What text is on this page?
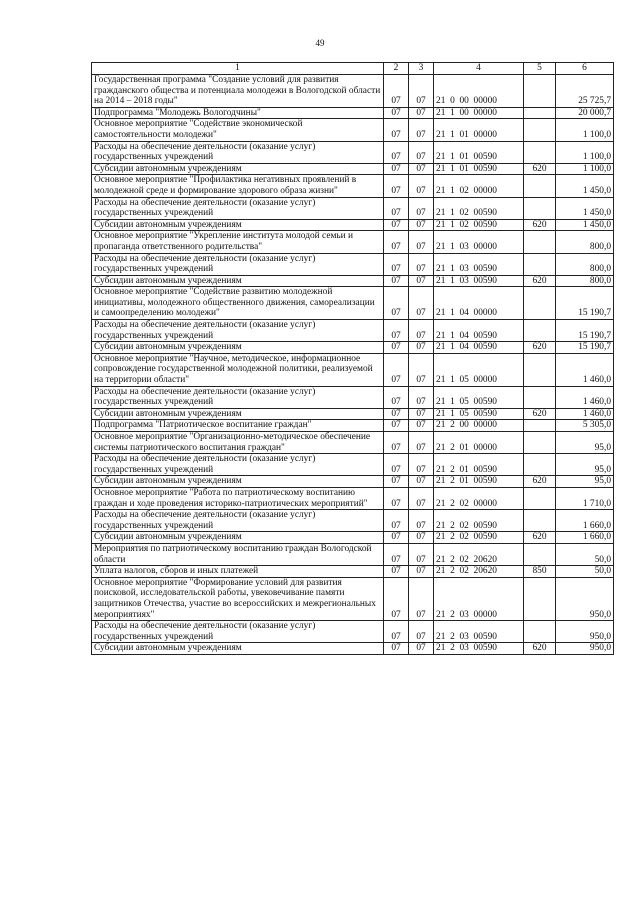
49
1	2	3	4	5	6
Государственная программа "Создание условий для развития гражданского общества и потенциала молодежи в Вологодской области на 2014 – 2018 годы"	07	07	21  0  00  00000		25 725,7
Подпрограмма "Молодежь Вологодчины"	07	07	21  1  00  00000		20 000,7
Основное мероприятие "Содействие экономической самостоятельности молодежи"	07	07	21  1  01  00000		1 100,0
Расходы на обеспечение деятельности (оказание услуг) государственных учреждений	07	07	21  1  01  00590		1 100,0
Субсидии автономным учреждениям	07	07	21  1  01  00590	620	1 100,0
Основное мероприятие "Профилактика негативных проявлений в молодежной среде и формирование здорового образа жизни"	07	07	21  1  02  00000		1 450,0
Расходы на обеспечение деятельности (оказание услуг) государственных учреждений	07	07	21  1  02  00590		1 450,0
Субсидии автономным учреждениям	07	07	21  1  02  00590	620	1 450,0
Основное мероприятие "Укрепление института молодой семьи и пропаганда ответственного родительства"	07	07	21  1  03  00000		800,0
Расходы на обеспечение деятельности (оказание услуг) государственных учреждений	07	07	21  1  03  00590		800,0
Субсидии автономным учреждениям	07	07	21  1  03  00590	620	800,0
Основное мероприятие "Содействие развитию молодежной инициативы, молодежного общественного движения, самореализации и самоопределению молодежи"	07	07	21  1  04  00000		15 190,7
Расходы на обеспечение деятельности (оказание услуг) государственных учреждений	07	07	21  1  04  00590		15 190,7
Субсидии автономным учреждениям	07	07	21  1  04  00590	620	15 190,7
Основное мероприятие "Научное, методическое, информационное сопровождение государственной молодежной политики, реализуемой на территории области"	07	07	21  1  05  00000		1 460,0
Расходы на обеспечение деятельности (оказание услуг) государственных учреждений	07	07	21  1  05  00590		1 460,0
Субсидии автономным учреждениям	07	07	21  1  05  00590	620	1 460,0
Подпрограмма "Патриотическое воспитание граждан"	07	07	21  2  00  00000		5 305,0
Основное мероприятие "Организационно-методическое обеспечение системы патриотического воспитания граждан"	07	07	21  2  01  00000		95,0
Расходы на обеспечение деятельности (оказание услуг) государственных учреждений	07	07	21  2  01  00590		95,0
Субсидии автономным учреждениям	07	07	21  2  01  00590	620	95,0
Основное мероприятие "Работа по патриотическому воспитанию граждан и ходе проведения историко-патриотических мероприятий"	07	07	21  2  02  00000		1 710,0
Расходы на обеспечение деятельности (оказание услуг) государственных учреждений	07	07	21  2  02  00590		1 660,0
Субсидии автономным учреждениям	07	07	21  2  02  00590	620	1 660,0
Мероприятия по патриотическому воспитанию граждан Вологодской области	07	07	21  2  02  20620		50,0
Уплата налогов, сборов и иных платежей	07	07	21  2  02  20620	850	50,0
Основное мероприятие "Формирование условий для развития поисковой, исследовательской работы, увековечивание памяти защитников Отечества, участие во всероссийских и межрегиональных мероприятиях"	07	07	21  2  03  00000		950,0
Расходы на обеспечение деятельности (оказание услуг) государственных учреждений	07	07	21  2  03  00590		950,0
Субсидии автономным учреждениям	07	07	21  2  03  00590	620	950,0
